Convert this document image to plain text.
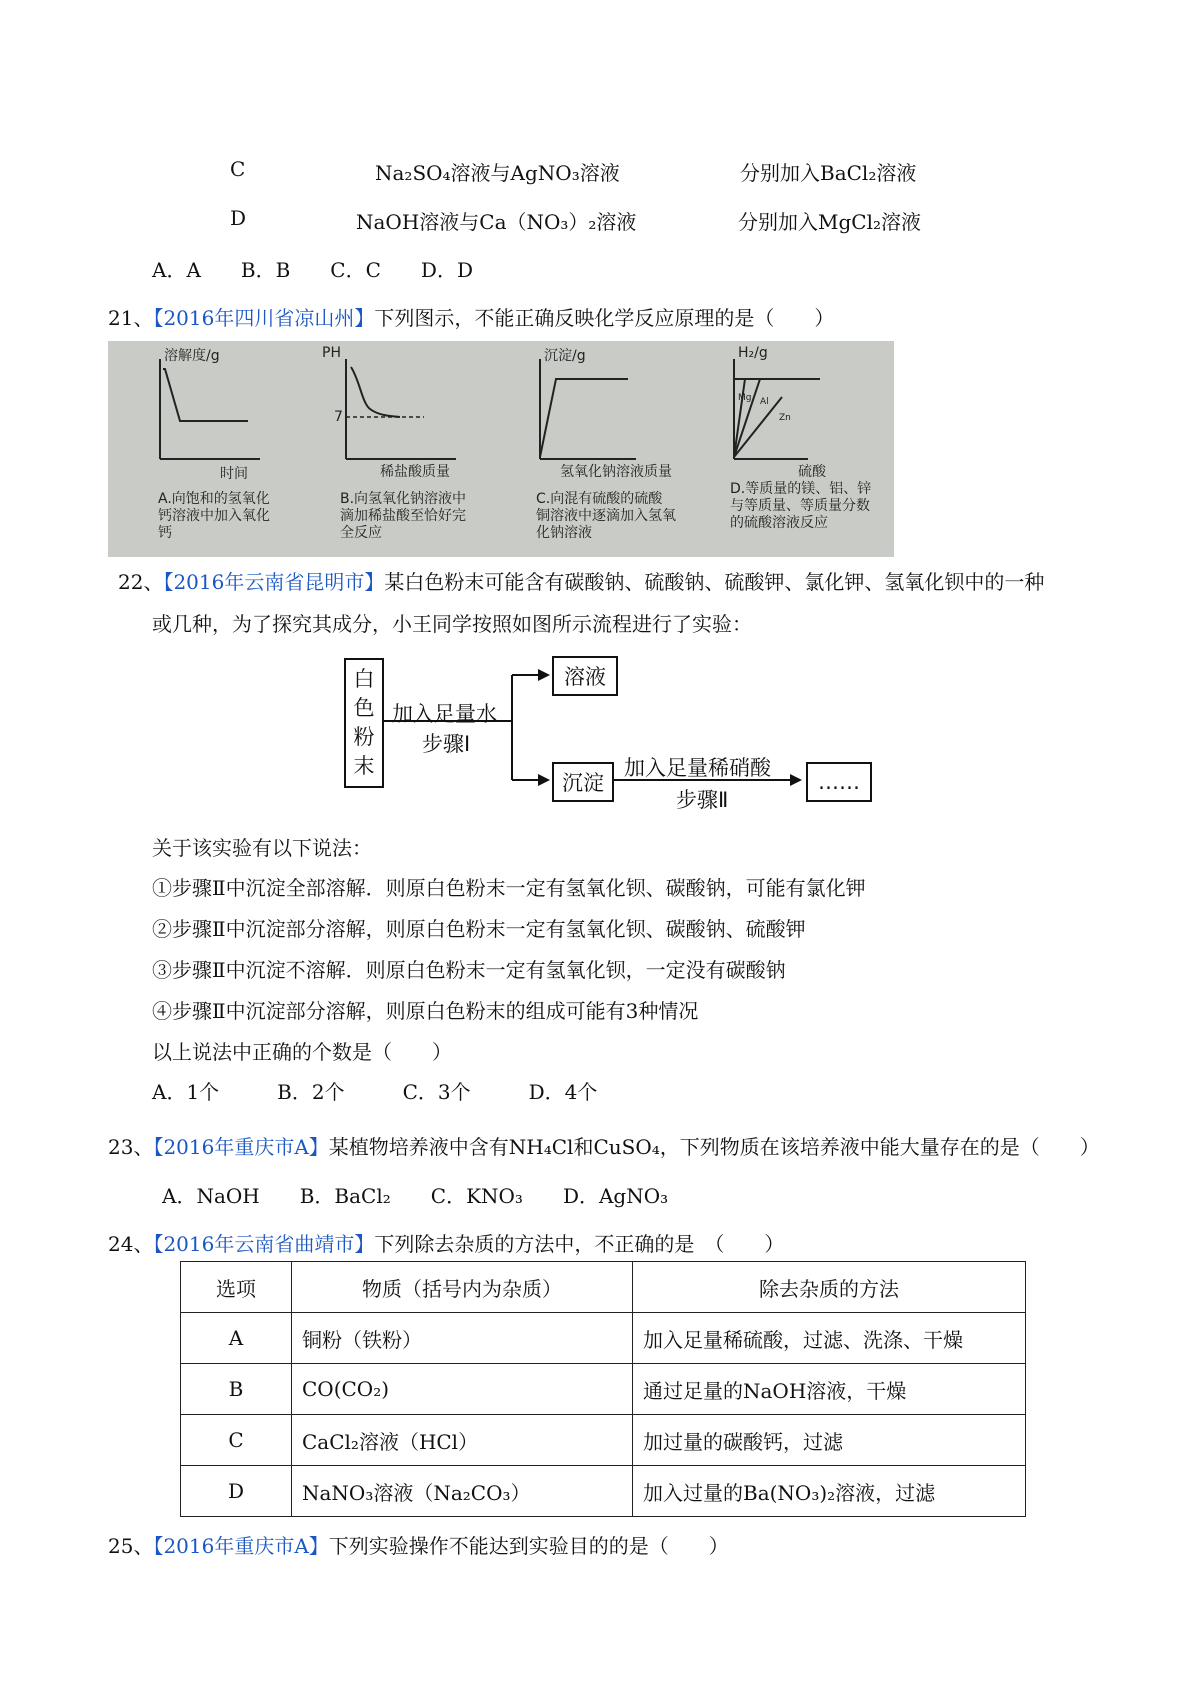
C	Na₂SO₄溶液与AgNO₃溶液	分别加入BaCl₂溶液
D	NaOH溶液与Ca（NO₃）₂溶液	分别加入MgCl₂溶液
A．A B．B C．C D．D
21、【2016年四川省凉山州】下列图示，不能正确反映化学反应原理的是（　　）
溶解度/g
时间
PH
7
稀盐酸质量
沉淀/g
氢氧化钠溶液质量
H₂/g
Mg Al
Zn
硫酸
A.向饱和的氢氧化钙溶液中加入氧化钙
B.向氢氧化钠溶液中滴加稀盐酸至恰好完全反应
C.向混有硫酸的硫酸铜溶液中逐滴加入氢氧化钠溶液
D.等质量的镁、铝、锌与等质量、等质量分数的硫酸溶液反应
22、【2016年云南省昆明市】某白色粉末可能含有碳酸钠、硫酸钠、硫酸钾、氯化钾、氢氧化钡中的一种
或几种，为了探究其成分，小王同学按照如图所示流程进行了实验：
白
色
粉
末
加入足量水
步骤Ⅰ
溶液
沉淀
加入足量稀硝酸
步骤Ⅱ
……
关于该实验有以下说法：
①步骤Ⅱ中沉淀全部溶解．则原白色粉末一定有氢氧化钡、碳酸钠，可能有氯化钾
②步骤Ⅱ中沉淀部分溶解，则原白色粉末一定有氢氧化钡、碳酸钠、硫酸钾
③步骤Ⅱ中沉淀不溶解．则原白色粉末一定有氢氧化钡，一定没有碳酸钠
④步骤Ⅱ中沉淀部分溶解，则原白色粉末的组成可能有3种情况
以上说法中正确的个数是（　　）
A．1个	B．2个	C．3个	D．4个
23、【2016年重庆市A】某植物培养液中含有NH₄Cl和CuSO₄，下列物质在该培养液中能大量存在的是（　　）
A．NaOH B．BaCl₂ C．KNO₃ D．AgNO₃
24、【2016年云南省曲靖市】下列除去杂质的方法中，不正确的是　（　　）
选项	物质（括号内为杂质）	除去杂质的方法
A	铜粉（铁粉）	加入足量稀硫酸，过滤、洗涤、干燥
B	CO(CO₂)	通过足量的NaOH溶液，干燥
C	CaCl₂溶液（HCl）	加过量的碳酸钙，过滤
D	NaNO₃溶液（Na₂CO₃）	加入过量的Ba(NO₃)₂溶液，过滤
25、【2016年重庆市A】下列实验操作不能达到实验目的的是（　　）
